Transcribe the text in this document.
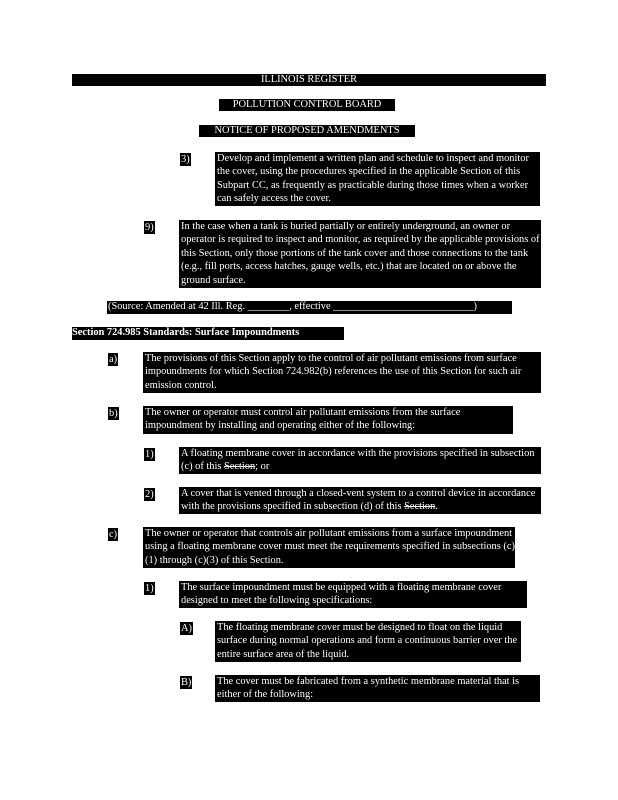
ILLINOIS REGISTER
POLLUTION CONTROL BOARD
NOTICE OF PROPOSED AMENDMENTS
3)	Develop and implement a written plan and schedule to inspect and monitor the cover, using the procedures specified in the applicable Section of this Subpart CC, as frequently as practicable during those times when a worker can safely access the cover.
9)	In the case when a tank is buried partially or entirely underground, an owner or operator is required to inspect and monitor, as required by the applicable provisions of this Section, only those portions of the tank cover and those connections to the tank (e.g., fill ports, access hatches, gauge wells, etc.) that are located on or above the ground surface.
(Source: Amended at 42 Ill. Reg. ________, effective ___________________________)
Section 724.985 Standards: Surface Impoundments
a)	The provisions of this Section apply to the control of air pollutant emissions from surface impoundments for which Section 724.982(b) references the use of this Section for such air emission control.
b)	The owner or operator must control air pollutant emissions from the surface impoundment by installing and operating either of the following:
1)	A floating membrane cover in accordance with the provisions specified in subsection (c) of this Section; or
2)	A cover that is vented through a closed-vent system to a control device in accordance with the provisions specified in subsection (d) of this Section.
c)	The owner or operator that controls air pollutant emissions from a surface impoundment using a floating membrane cover must meet the requirements specified in subsections (c)(1) through (c)(3) of this Section.
1)	The surface impoundment must be equipped with a floating membrane cover designed to meet the following specifications:
A) The floating membrane cover must be designed to float on the liquid surface during normal operations and form a continuous barrier over the entire surface area of the liquid.
B) The cover must be fabricated from a synthetic membrane material that is either of the following:
